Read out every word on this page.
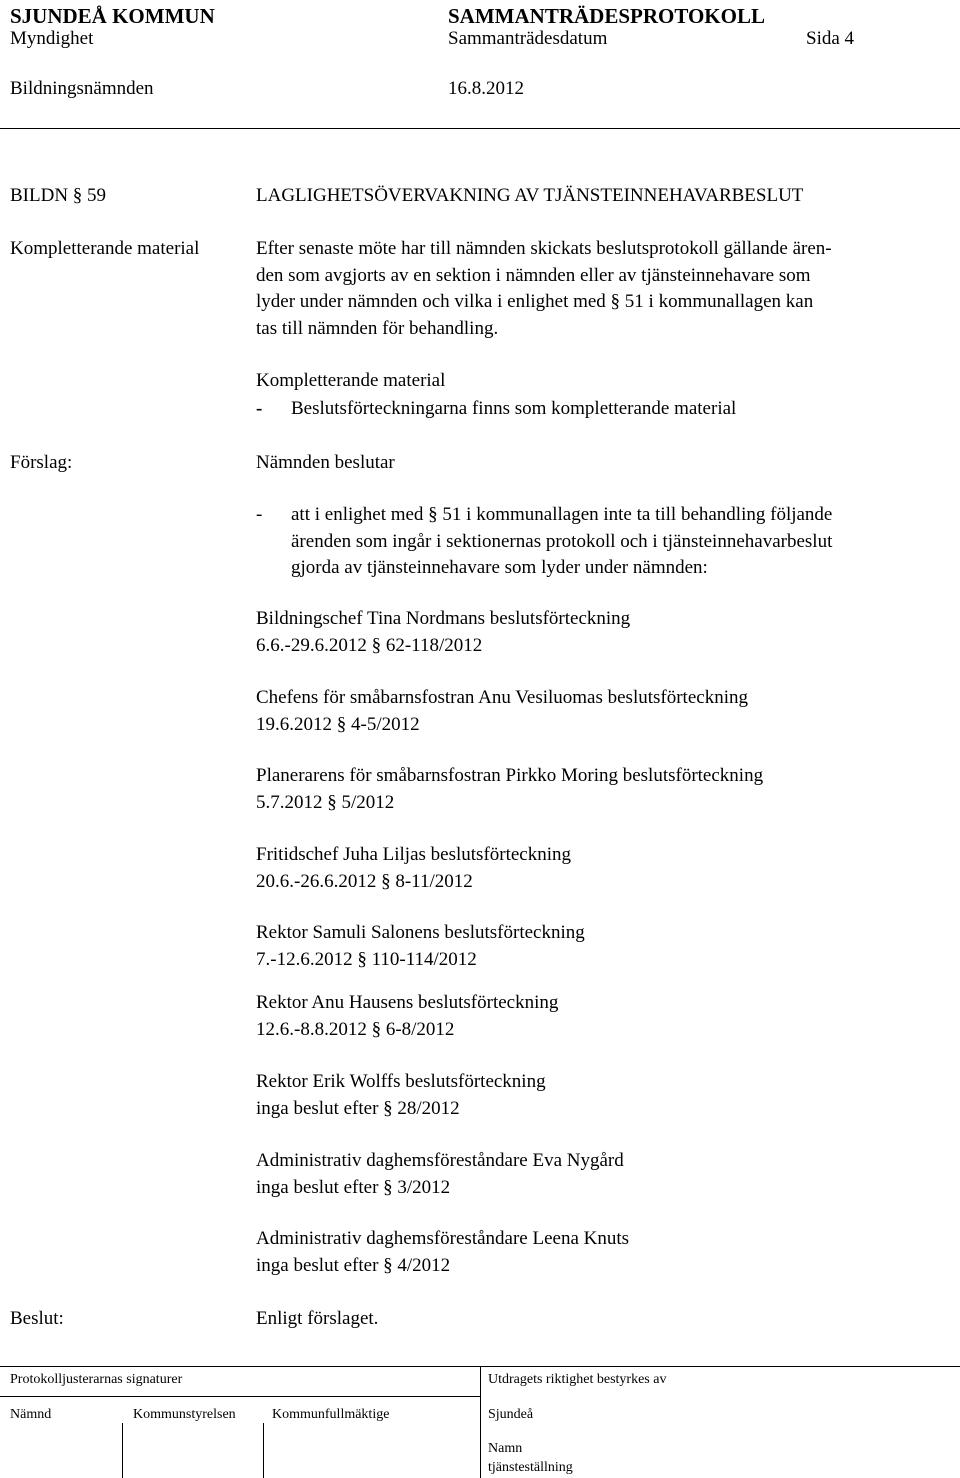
SJUNDEÅ KOMMUN	SAMMANTRÄDESPROTOKOLL
Myndighet	Sammanträdesdatum	Sida 4
Bildningsnämnden	16.8.2012
BILDN § 59	LAGLIGHETSÖVERVAKNING AV TJÄNSTEINNEHAVARBESLUT
Kompletterande material	Efter senaste möte har till nämnden skickats beslutsprotokoll gällande ären-
den som avgjorts av en sektion i nämnden eller av tjänsteinnehavare som
lyder under nämnden och vilka i enlighet med § 51 i kommunallagen kan
tas till nämnden för behandling.
Kompletterande material
- Beslutsförteckningarna finns som kompletterande material
Förslag:	Nämnden beslutar
- att i enlighet med § 51 i kommunallagen inte ta till behandling följande
ärenden som ingår i sektionernas protokoll och i tjänsteinnehavarbeslut
gjorda av tjänsteinnehavare som lyder under nämnden:
Bildningschef Tina Nordmans beslutsförteckning
6.6.-29.6.2012 § 62-118/2012
Chefens för småbarnsfostran Anu Vesiluomas beslutsförteckning
19.6.2012 § 4-5/2012
Planerarens för småbarnsfostran Pirkko Moring beslutsförteckning
5.7.2012 § 5/2012
Fritidschef Juha Liljas beslutsförteckning
20.6.-26.6.2012 § 8-11/2012
Rektor Samuli Salonens beslutsförteckning
7.-12.6.2012 § 110-114/2012
Rektor Anu Hausens beslutsförteckning
12.6.-8.8.2012 § 6-8/2012
Rektor Erik Wolffs beslutsförteckning
inga beslut efter § 28/2012
Administrativ daghemsföreståndare Eva Nygård
inga beslut efter § 3/2012
Administrativ daghemsföreståndare Leena Knuts
inga beslut efter § 4/2012
Beslut:	Enligt förslaget.
Protokolljusterarnas signaturer	Utdragets riktighet bestyrkes av
Nämnd	Kommunstyrelsen	Kommunfullmäktige	Sjundeå
Namn
tjänsteställning
